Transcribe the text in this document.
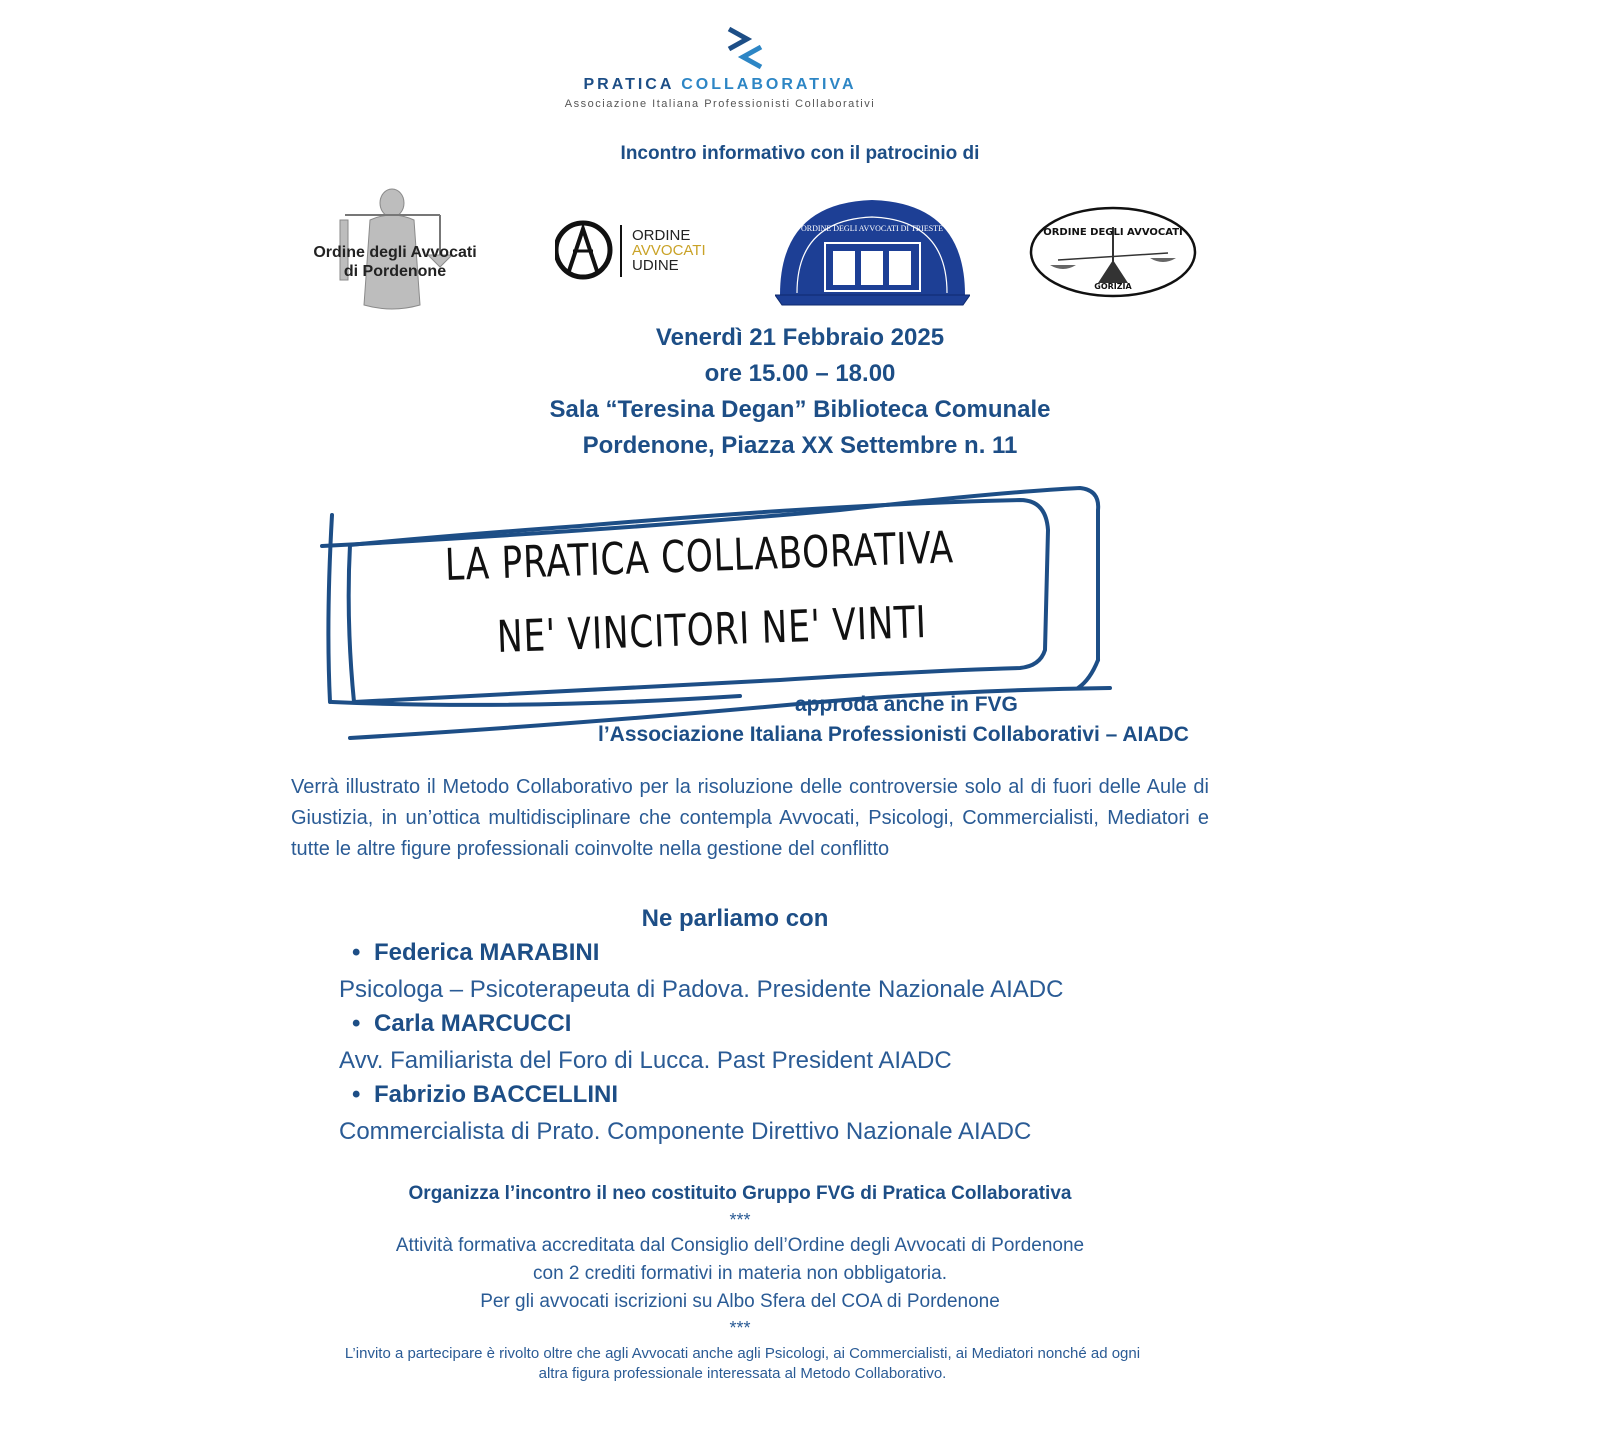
PRATICA COLLABORATIVA
Associazione Italiana Professionisti Collaborativi
Incontro informativo con il patrocinio di
Ordine degli Avvocati
di Pordenone
ORDINE
AVVOCATI
UDINE
ORDINE DEGLI AVVOCATI DI TRIESTE	ORDINE DEGLI AVVOCATI
GORIZIA
Venerdì 21 Febbraio 2025
ore 15.00 – 18.00
Sala “Teresina Degan” Biblioteca Comunale
Pordenone, Piazza XX Settembre n. 11
LA PRATICA COLLABORATIVA
NE' VINCITORI NE' VINTI
approda anche in FVG
l’Associazione Italiana Professionisti Collaborativi – AIADC
Verrà illustrato il Metodo Collaborativo per la risoluzione delle controversie solo al di fuori delle Aule di Giustizia, in un’ottica multidisciplinare che contempla Avvocati, Psicologi, Commercialisti, Mediatori e tutte le altre figure professionali coinvolte nella gestione del conflitto
Ne parliamo con
• Federica MARABINI
Psicologa – Psicoterapeuta di Padova. Presidente Nazionale AIADC
• Carla MARCUCCI
Avv. Familiarista del Foro di Lucca. Past President AIADC
• Fabrizio BACCELLINI
Commercialista di Prato. Componente Direttivo Nazionale AIADC
Organizza l’incontro il neo costituito Gruppo FVG di Pratica Collaborativa
***
Attività formativa accreditata dal Consiglio dell’Ordine degli Avvocati di Pordenone
con 2 crediti formativi in materia non obbligatoria.
Per gli avvocati iscrizioni su Albo Sfera del COA di Pordenone
***
L’invito a partecipare è rivolto oltre che agli Avvocati anche agli Psicologi, ai Commercialisti, ai Mediatori nonché ad ogni
altra figura professionale interessata al Metodo Collaborativo.
